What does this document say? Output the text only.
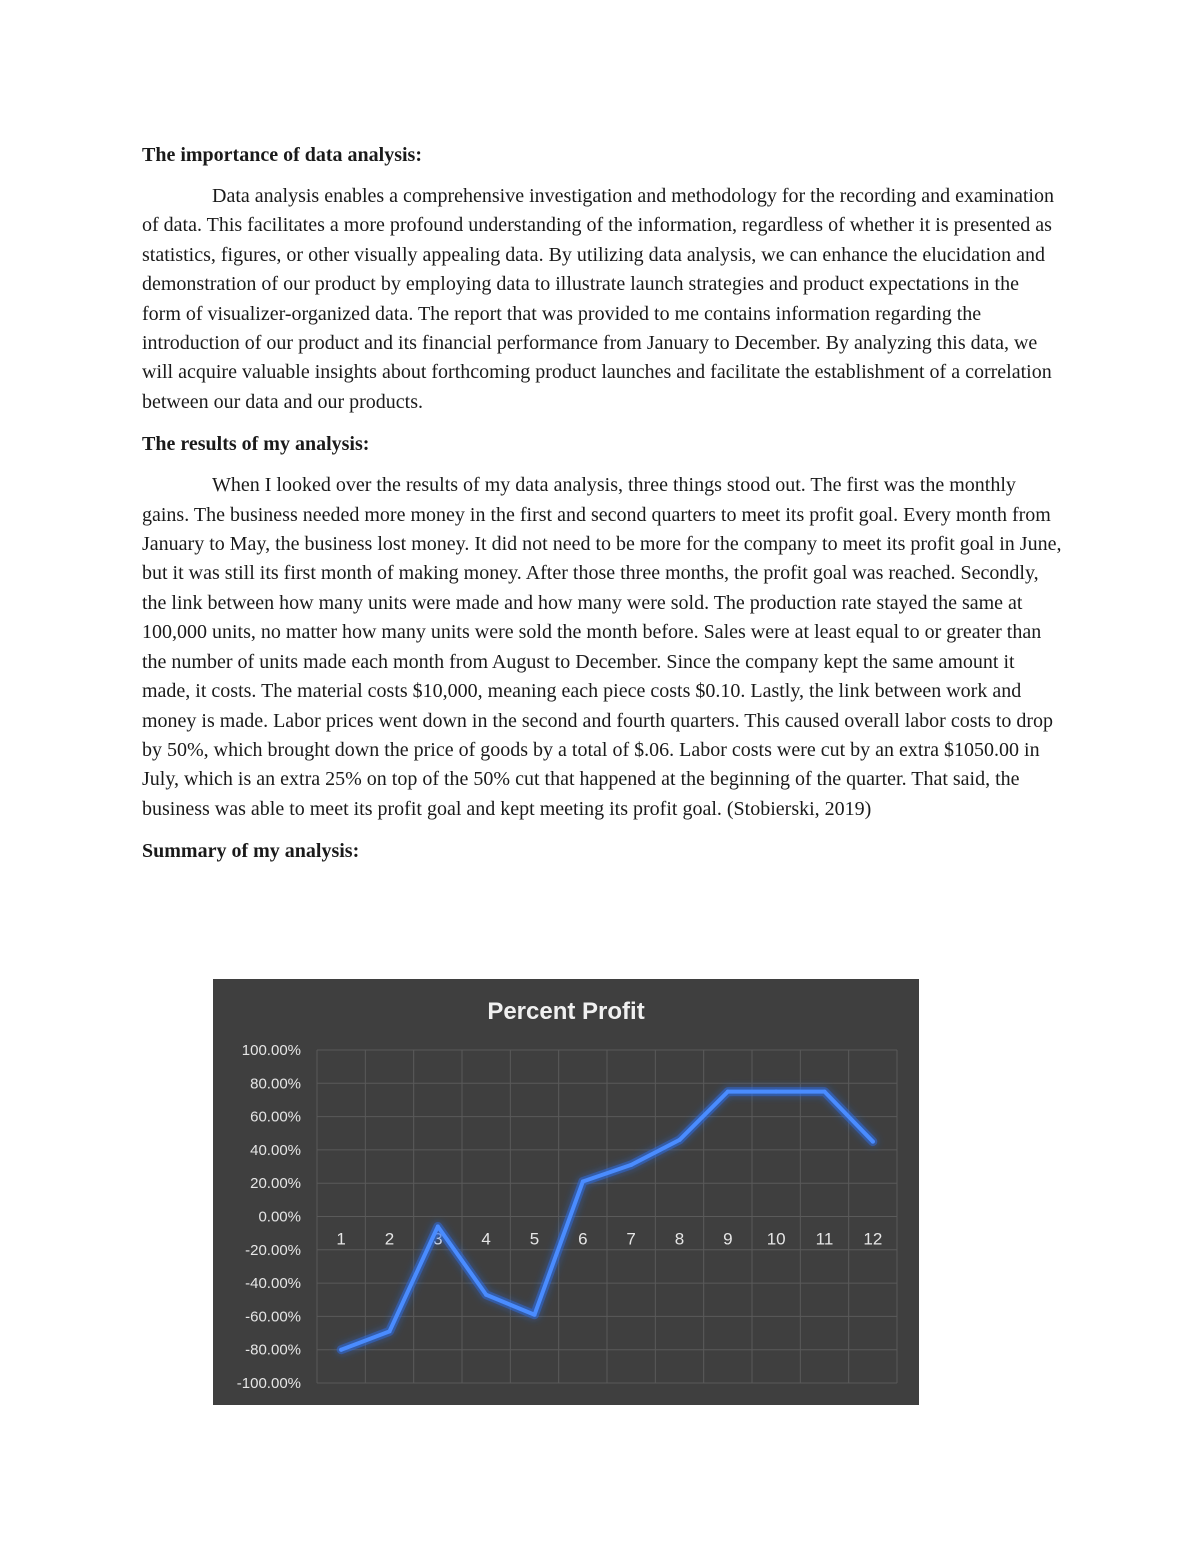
The importance of data analysis:
Data analysis enables a comprehensive investigation and methodology for the recording and examination of data. This facilitates a more profound understanding of the information, regardless of whether it is presented as statistics, figures, or other visually appealing data. By utilizing data analysis, we can enhance the elucidation and demonstration of our product by employing data to illustrate launch strategies and product expectations in the form of visualizer-organized data. The report that was provided to me contains information regarding the introduction of our product and its financial performance from January to December. By analyzing this data, we will acquire valuable insights about forthcoming product launches and facilitate the establishment of a correlation between our data and our products.
The results of my analysis:
When I looked over the results of my data analysis, three things stood out. The first was the monthly gains. The business needed more money in the first and second quarters to meet its profit goal. Every month from January to May, the business lost money. It did not need to be more for the company to meet its profit goal in June, but it was still its first month of making money. After those three months, the profit goal was reached. Secondly, the link between how many units were made and how many were sold. The production rate stayed the same at 100,000 units, no matter how many units were sold the month before. Sales were at least equal to or greater than the number of units made each month from August to December. Since the company kept the same amount it made, it costs. The material costs $10,000, meaning each piece costs $0.10. Lastly, the link between work and money is made. Labor prices went down in the second and fourth quarters. This caused overall labor costs to drop by 50%, which brought down the price of goods by a total of $.06. Labor costs were cut by an extra $1050.00 in July, which is an extra 25% on top of the 50% cut that happened at the beginning of the quarter. That said, the business was able to meet its profit goal and kept meeting its profit goal. (Stobierski, 2019)
Summary of my analysis:
100.00%
80.00%
60.00%
40.00%
20.00%
0.00%
-20.00%
-40.00%
-60.00%
-80.00%
-100.00%
1 2 3 4 5 6 7 8 9 10 11 12
Percent Profit
